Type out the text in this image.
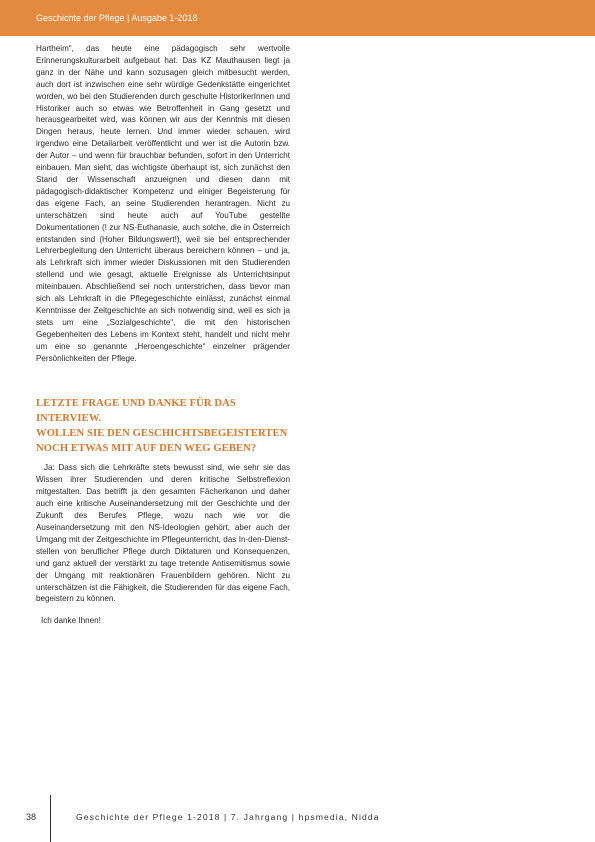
Geschichte der Pflege | Ausgabe 1-2018

Hartheim“, das heute eine pädagogisch sehr wertvolle Erinnerungskulturarbeit aufgebaut hat. Das KZ Mauthausen liegt ja ganz in der Nähe und kann sozusagen gleich mitbesucht werden, auch dort ist inzwischen eine sehr würdige Gedenkstätte eingerichtet worden, wo bei den Studierenden durch geschulte HistorikerInnen und Historiker auch so etwas wie Betroffenheit in Gang gesetzt und herausgearbeitet wird, was können wir aus der Kenntnis mit diesen Dingen heraus, heute lernen. Und immer wieder schauen, wird irgendwo eine Detailarbeit veröffentlicht und wer ist die Autorin bzw. der Autor – und wenn für brauchbar befunden, sofort in den Unterricht einbauen. Man sieht, das wichtigste überhaupt ist, sich zunächst den Stand der Wissenschaft anzueignen und diesen dann mit pädagogisch-didaktischer Kompetenz und einiger Begeisterung für das eigene Fach, an seine Studierenden herantragen. Nicht zu unterschätzen sind heute auch auf YouTube gestellte Dokumentationen (! zur NS-Euthanasie, auch solche, die in Österreich entstanden sind (Hoher Bildungswert!), weil sie bei entsprechender Lehrerbegleitung den Unterricht überaus bereichern können – und ja, als Lehrkraft sich immer wieder Diskussionen mit den Studierenden stellend und wie gesagt, aktuelle Ereignisse als Unterrichtsinput miteinbauen. Abschließend sei noch unterstrichen, dass bevor man sich als Lehrkraft in die Pflegegeschichte einlässt, zunächst einmal Kenntnisse der Zeitgeschichte an sich notwendig sind, weil es sich ja stets um eine „Sozialgeschichte“, die mit den historischen Gegebenheiten des Lebens im Kontext steht, handelt und nicht mehr um eine so genannte „Heroengeschichte“ einzelner prägender Persönlichkeiten der Pflege.

LETZTE FRAGE UND DANKE FÜR DAS INTERVIEW.
WOLLEN SIE DEN GESCHICHTSBEGEISTERTEN
NOCH ETWAS MIT AUF DEN WEG GEBEN?

Ja: Dass sich die Lehrkräfte stets bewusst sind, wie sehr sie das Wissen ihrer Studierenden und deren kritische Selbstreflexion mitgestalten. Das betrifft ja den gesamten Fächerkanon und daher auch eine kritische Auseinandersetzung mit der Geschichte und der Zukunft des Berufes Pflege, wozu nach wie vor die Auseinandersetzung mit den NS-Ideologien gehört, aber auch der Umgang mit der Zeitgeschichte im Pflegeunterricht, das In-den-Dienst-stellen von beruflicher Pflege durch Diktaturen und Konsequenzen, und ganz aktuell der verstärkt zu tage tretende Antisemitismus sowie der Umgang mit reaktionären Frauenbildern gehören. Nicht zu unterschätzen ist die Fähigkeit, die Studierenden für das eigene Fach, begeistern zu können.

Ich danke Ihnen!

38	Geschichte der Pflege 1-2018 | 7. Jahrgang | hpsmedia, Nidda
